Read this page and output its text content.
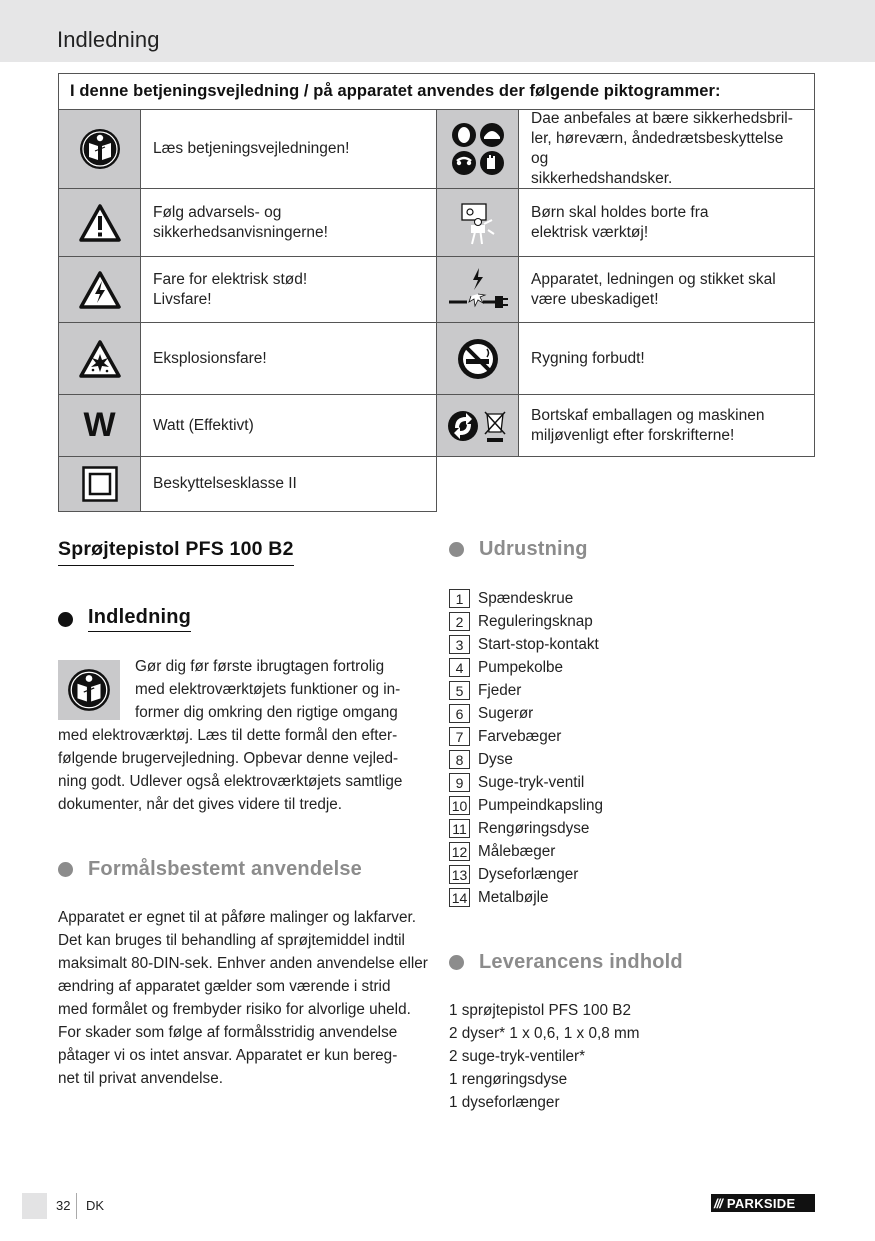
Indledning
I denne betjeningsvejledning / på apparatet anvendes der følgende piktogrammer:
Læs betjeningsvejledningen!
Følg advarsels- og
sikkerhedsanvisningerne!
Fare for elektrisk stød!
Livsfare!
Eksplosionsfare!
W Watt (Effektivt)
Beskyttelsesklasse II
Dae anbefales at bære sikkerhedsbril-
ler, høreværn, åndedrætsbeskyttelse og
sikkerhedshandsker.
Børn skal holdes borte fra
elektrisk værktøj!
Apparatet, ledningen og stikket skal
være ubeskadiget!
Rygning forbudt!
Bortskaf emballagen og maskinen
miljøvenligt efter forskrifterne!
Sprøjtepistol PFS 100 B2
Indledning
Gør dig før første ibrugtagen fortrolig
med elektroværktøjets funktioner og in-
former dig omkring den rigtige omgang
med elektroværktøj. Læs til dette formål den efter-
følgende brugervejledning. Opbevar denne vejled-
ning godt. Udlever også elektroværktøjets samtlige
dokumenter, når det gives videre til tredje.
Formålsbestemt anvendelse
Apparatet er egnet til at påføre malinger og lakfarver.
Det kan bruges til behandling af sprøjtemiddel indtil
maksimalt 80-DIN-sek. Enhver anden anvendelse eller
ændring af apparatet gælder som værende i strid
med formålet og frembyder risiko for alvorlige uheld.
For skader som følge af formålsstridig anvendelse
påtager vi os intet ansvar. Apparatet er kun bereg-
net til privat anvendelse.
Udrustning
1 Spændeskrue
2 Reguleringsknap
3 Start-stop-kontakt
4 Pumpekolbe
5 Fjeder
6 Sugerør
7 Farvebæger
8 Dyse
9 Suge-tryk-ventil
10 Pumpeindkapsling
11 Rengøringsdyse
12 Målebæger
13 Dyseforlænger
14 Metalbøjle
Leverancens indhold
1 sprøjtepistol PFS 100 B2
2 dyser* 1 x 0,6, 1 x 0,8 mm
2 suge-tryk-ventiler*
1 rengøringsdyse
1 dyseforlænger
32 DK	/// PARKSIDE
